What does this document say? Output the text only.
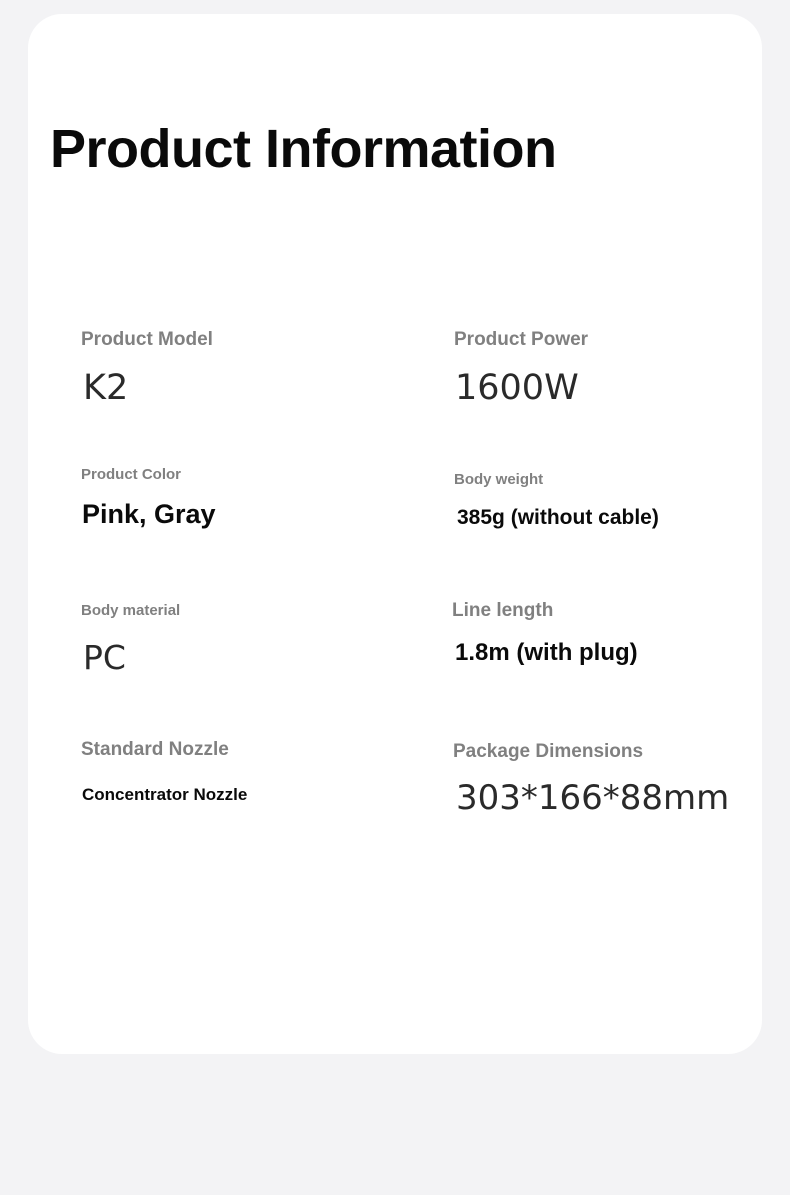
Product Information
Product Model
K2
Product Power
1600W
Product Color
Pink, Gray
Body weight
385g (without cable)
Body material
PC
Line length
1.8m (with plug)
Standard Nozzle
Concentrator Nozzle
Package Dimensions
303*166*88mm
